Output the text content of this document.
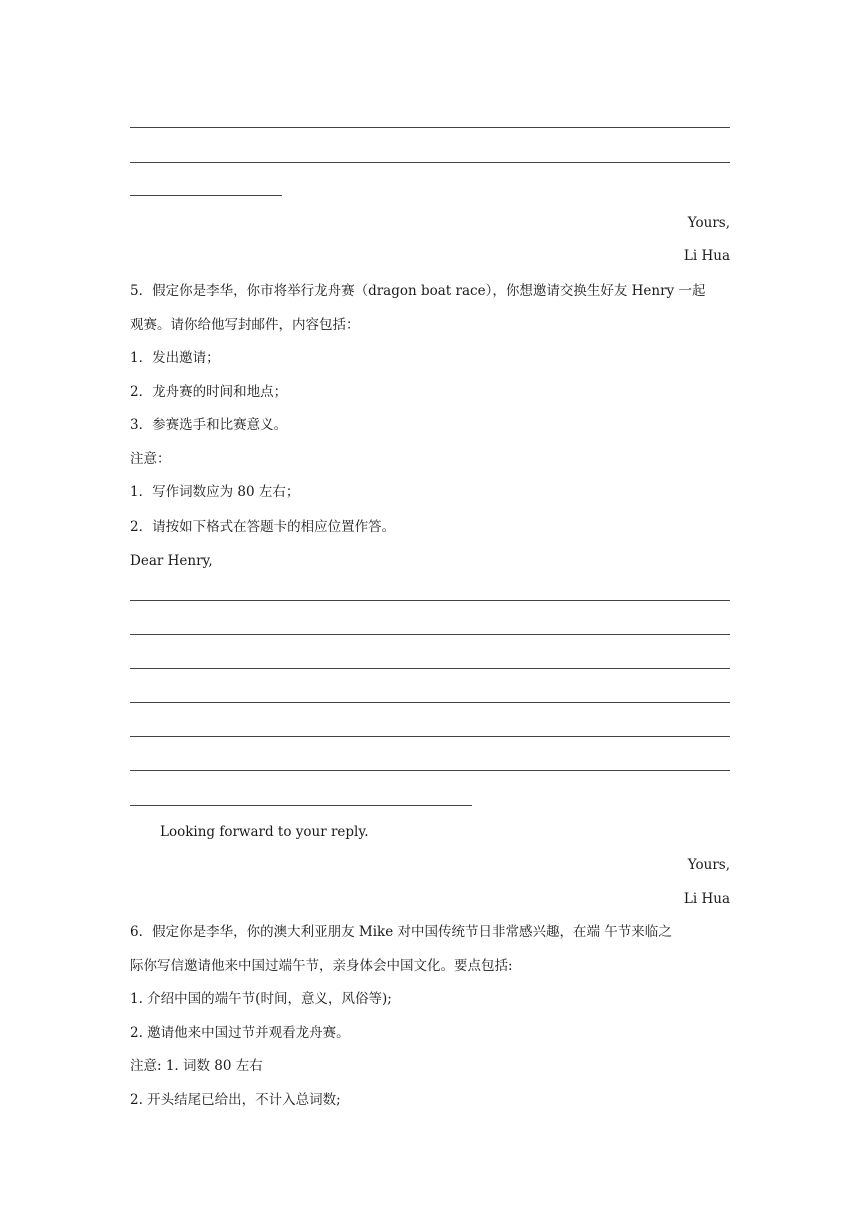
Yours,
Li Hua
5．假定你是李华，你市将举行龙舟赛（dragon boat race），你想邀请交换生好友 Henry 一起
观赛。请你给他写封邮件，内容包括：
1．发出邀请；
2．龙舟赛的时间和地点；
3．参赛选手和比赛意义。
注意：
1．写作词数应为 80 左右；
2．请按如下格式在答题卡的相应位置作答。
Dear Henry,
Looking forward to your reply.
Yours,
Li Hua
6．假定你是李华，你的澳大利亚朋友 Mike 对中国传统节日非常感兴趣，在端 午节来临之
际你写信邀请他来中国过端午节，亲身体会中国文化。要点包括:
1. 介绍中国的端午节(时间，意义，风俗等);
2. 邀请他来中国过节并观看龙舟赛。
注意: 1. 词数 80 左右
2. 开头结尾已给出，不计入总词数;
